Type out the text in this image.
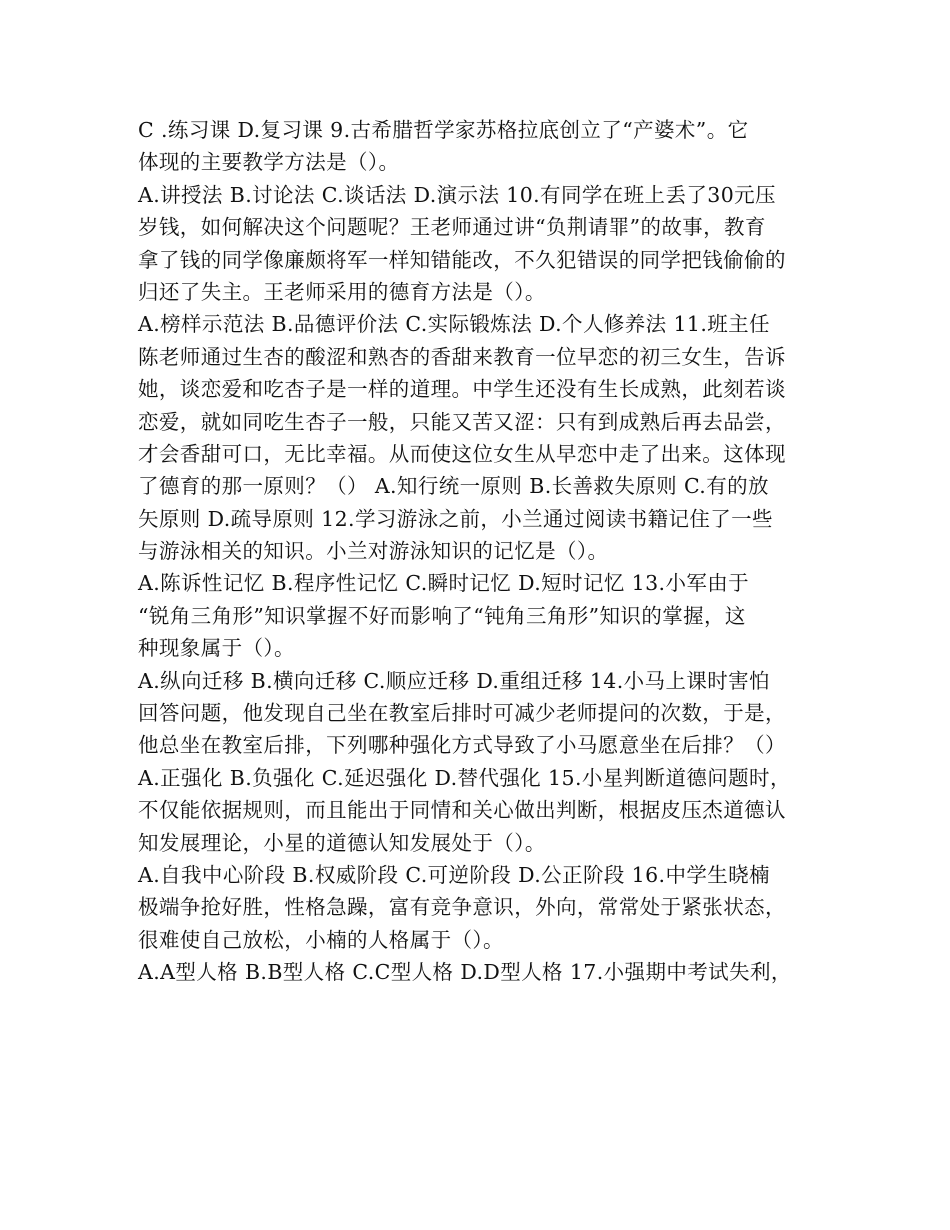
C .练习课 D.复习课 9.古希腊哲学家苏格拉底创立了“产婆术”。它
体现的主要教学方法是（）。
A.讲授法 B.讨论法 C.谈话法 D.演示法 10.有同学在班上丢了30元压
岁钱，如何解决这个问题呢？王老师通过讲“负荆请罪”的故事，教育
拿了钱的同学像廉颇将军一样知错能改，不久犯错误的同学把钱偷偷的
归还了失主。王老师采用的德育方法是（）。
A.榜样示范法 B.品德评价法 C.实际锻炼法 D.个人修养法 11.班主任
陈老师通过生杏的酸涩和熟杏的香甜来教育一位早恋的初三女生，告诉
她，谈恋爱和吃杏子是一样的道理。中学生还没有生长成熟，此刻若谈
恋爱，就如同吃生杏子一般，只能又苦又涩：只有到成熟后再去品尝，
才会香甜可口，无比幸福。从而使这位女生从早恋中走了出来。这体现
了德育的那一原则？（） A.知行统一原则 B.长善救失原则 C.有的放
矢原则 D.疏导原则 12.学习游泳之前，小兰通过阅读书籍记住了一些
与游泳相关的知识。小兰对游泳知识的记忆是（）。
A.陈诉性记忆 B.程序性记忆 C.瞬时记忆 D.短时记忆 13.小军由于
“锐角三角形”知识掌握不好而影响了“钝角三角形”知识的掌握，这
种现象属于（）。
A.纵向迁移 B.横向迁移 C.顺应迁移 D.重组迁移 14.小马上课时害怕
回答问题，他发现自己坐在教室后排时可减少老师提问的次数，于是，
他总坐在教室后排，下列哪种强化方式导致了小马愿意坐在后排？（）
A.正强化 B.负强化 C.延迟强化 D.替代强化 15.小星判断道德问题时，
不仅能依据规则，而且能出于同情和关心做出判断，根据皮压杰道德认
知发展理论，小星的道德认知发展处于（）。
A.自我中心阶段 B.权威阶段 C.可逆阶段 D.公正阶段 16.中学生晓楠
极端争抢好胜，性格急躁，富有竞争意识，外向，常常处于紧张状态，
很难使自己放松，小楠的人格属于（）。
A.A型人格 B.B型人格 C.C型人格 D.D型人格 17.小强期中考试失利，
